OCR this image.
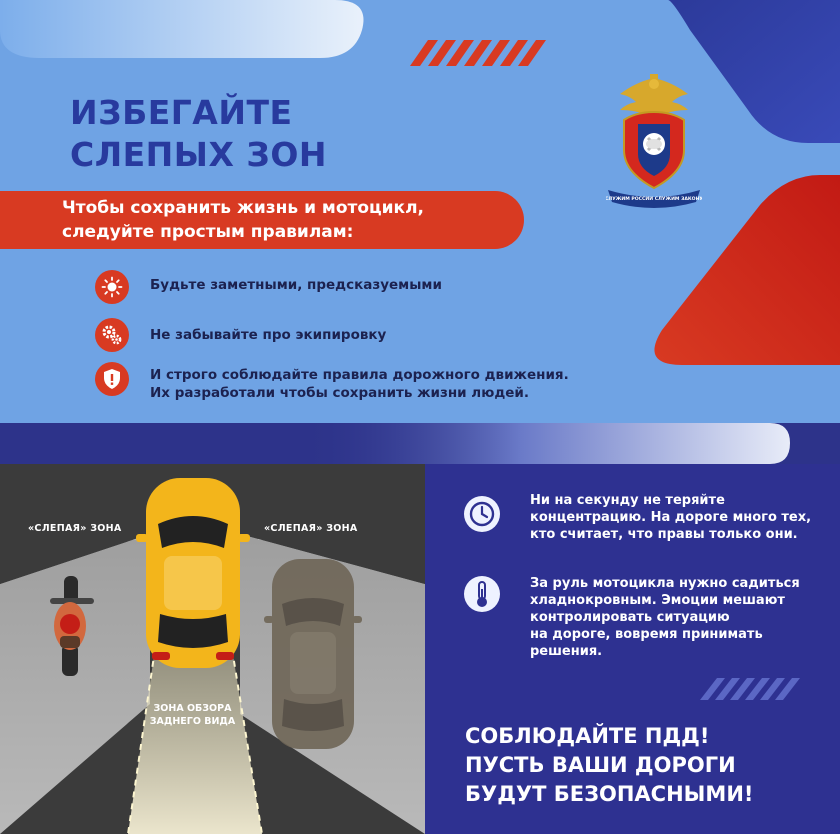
ИЗБЕГАЙТЕ
СЛЕПЫХ ЗОН

Чтобы сохранить жизнь и мотоцикл, следуйте простым правилам:

Будьте заметными, предсказуемыми

Не забывайте про экипировку

И строго соблюдайте правила дорожного движения.
Их разработали чтобы сохранить жизни людей.

СЛУЖИМ РОССИИ СЛУЖИМ ЗАКОНУ

«СЛЕПАЯ» ЗОНА	«СЛЕПАЯ» ЗОНА

ЗОНА ОБЗОРА
ЗАДНЕГО ВИДА

Ни на секунду не теряйте
концентрацию. На дороге много тех,
кто считает, что правы только они.

За руль мотоцикла нужно садиться
хладнокровным. Эмоции мешают
контролировать ситуацию
на дороге, вовремя принимать
решения.

СОБЛЮДАЙТЕ ПДД!
ПУСТЬ ВАШИ ДОРОГИ
БУДУТ БЕЗОПАСНЫМИ!
